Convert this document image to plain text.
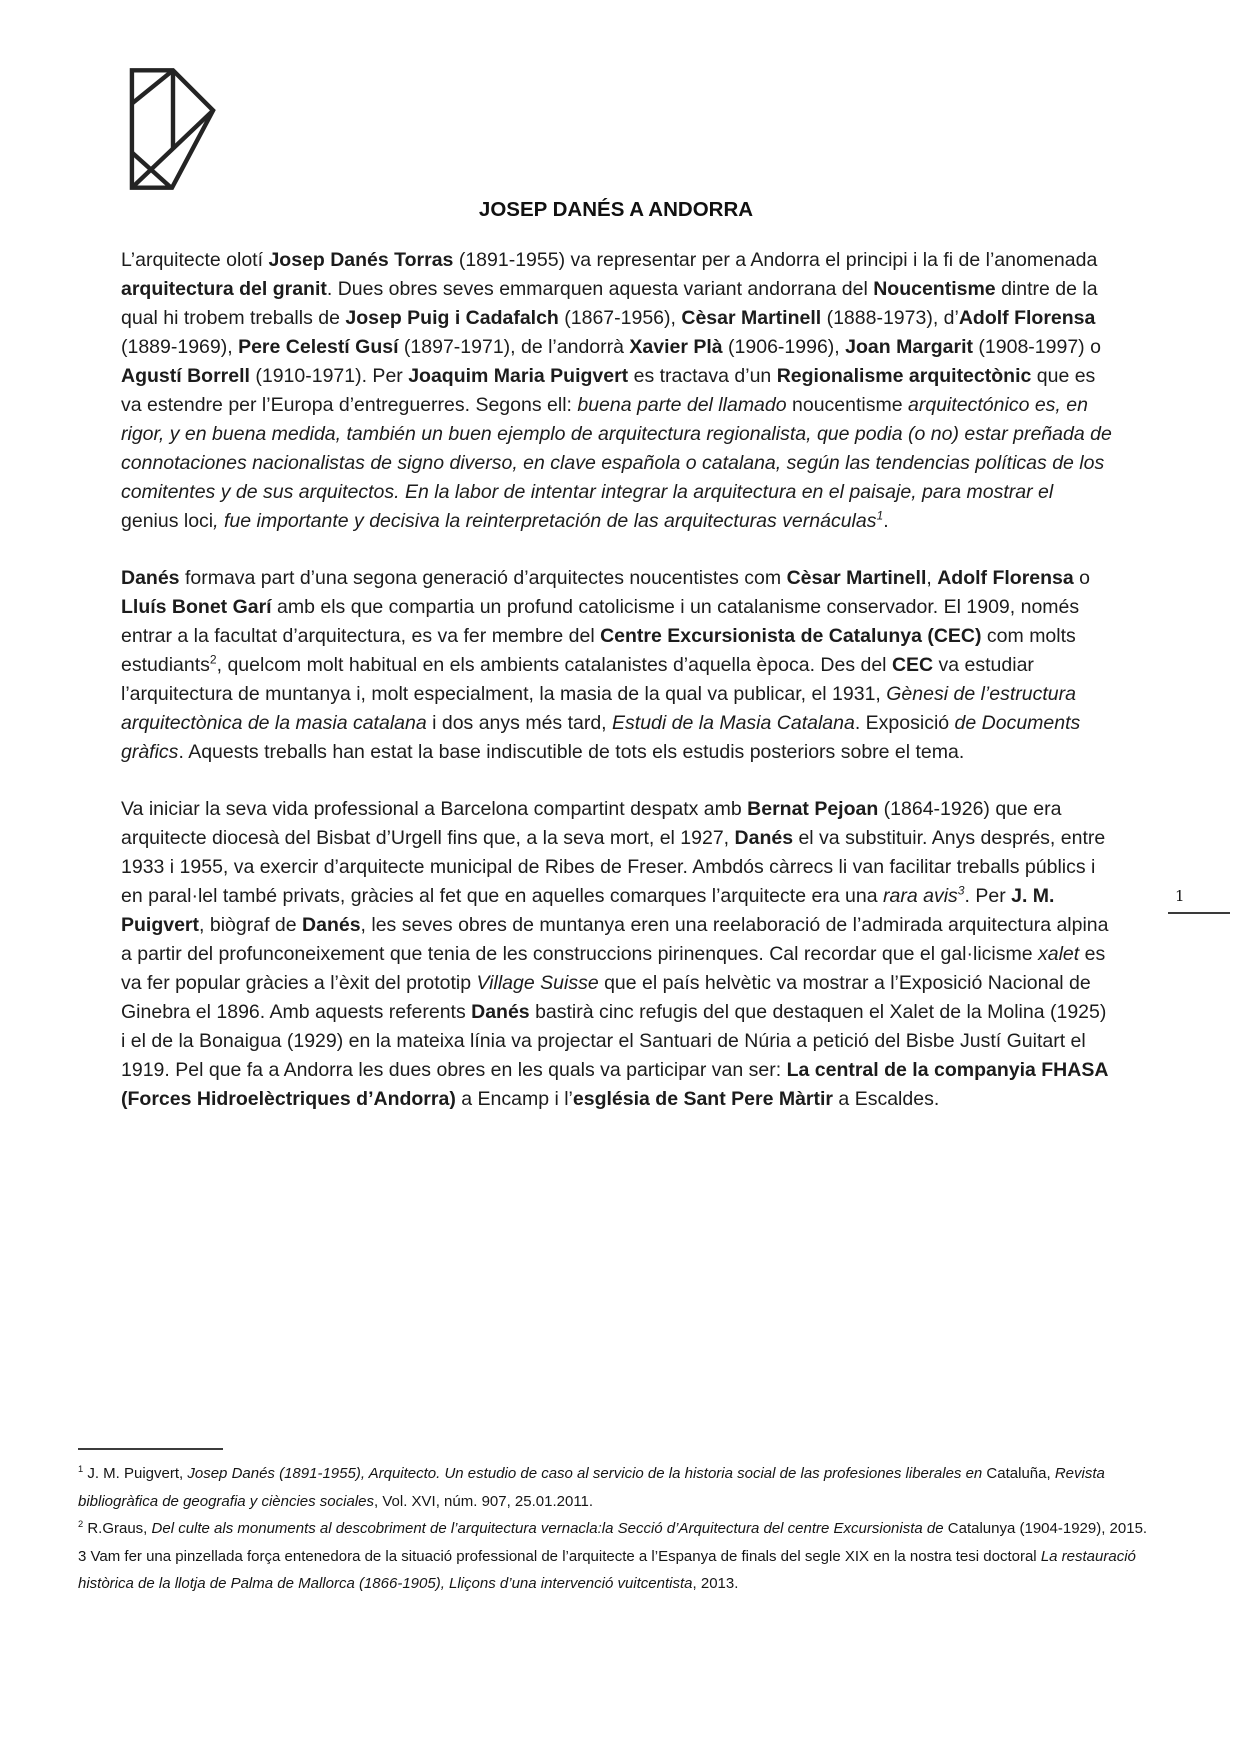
JOSEP DANÉS A ANDORRA

L’arquitecte olotí Josep Danés Torras (1891-1955) va representar per a Andorra el principi i la fi de l’anomenada arquitectura del granit. Dues obres seves emmarquen aquesta variant andorrana del Noucentisme dintre de la qual hi trobem treballs de Josep Puig i Cadafalch (1867-1956), Cèsar Martinell (1888-1973), d’Adolf Florensa (1889-1969), Pere Celestí Gusí (1897-1971), de l’andorrà Xavier Plà (1906-1996), Joan Margarit (1908-1997) o Agustí Borrell (1910-1971). Per Joaquim Maria Puigvert es tractava d’un Regionalisme arquitectònic que es va estendre per l’Europa d’entreguerres. Segons ell: buena parte del llamado noucentisme arquitectónico es, en rigor, y en buena medida, también un buen ejemplo de arquitectura regionalista, que podia (o no) estar preñada de connotaciones nacionalistas de signo diverso, en clave española o catalana, según las tendencias políticas de los comitentes y de sus arquitectos. En la labor de intentar integrar la arquitectura en el paisaje, para mostrar el genius loci, fue importante y decisiva la reinterpretación de las arquitecturas vernáculas$^1$.

Danés formava part d’una segona generació d’arquitectes noucentistes com Cèsar Martinell, Adolf Florensa o Lluís Bonet Garí amb els que compartia un profund catolicisme i un catalanisme conservador. El 1909, només entrar a la facultat d’arquitectura, es va fer membre del Centre Excursionista de Catalunya (CEC) com molts estudiants$^2$, quelcom molt habitual en els ambients catalanistes d’aquella època. Des del CEC va estudiar l’arquitectura de muntanya i, molt especialment, la masia de la qual va publicar, el 1931, Gènesi de l’estructura arquitectònica de la masia catalana i dos anys més tard, Estudi de la Masia Catalana. Exposició de Documents gràfics. Aquests treballs han estat la base indiscutible de tots els estudis posteriors sobre el tema.

Va iniciar la seva vida professional a Barcelona compartint despatx amb Bernat Pejoan (1864-1926) que era arquitecte diocesà del Bisbat d’Urgell fins que, a la seva mort, el 1927, Danés el va substituir. Anys després, entre 1933 i 1955, va exercir d’arquitecte municipal de Ribes de Freser. Ambdós càrrecs li van facilitar treballs públics i en paral·lel també privats, gràcies al fet que en aquelles comarques l’arquitecte era una rara avis$^3$. Per J. M. Puigvert, biògraf de Danés, les seves obres de muntanya eren una reelaboració de l’admirada arquitectura alpina a partir del profunconeixement que tenia de les construccions pirinenques. Cal recordar que el gal·licisme xalet es va fer popular gràcies a l’èxit del prototip Village Suisse que el país helvètic va mostrar a l’Exposició Nacional de Ginebra el 1896. Amb aquests referents Danés bastirà cinc refugis del que destaquen el Xalet de la Molina (1925) i el de la Bonaigua (1929) en la mateixa línia va projectar el Santuari de Núria a petició del Bisbe Justí Guitart el 1919. Pel que fa a Andorra les dues obres en les quals va participar van ser: La central de la companyia FHASA (Forces Hidroelèctriques d’Andorra) a Encamp i l’església de Sant Pere Màrtir a Escaldes.

1

$^1$ J. M. Puigvert, Josep Danés (1891-1955), Arquitecto. Un estudio de caso al servicio de la historia social de las profesiones liberales en Cataluña, Revista bibliogràfica de geografia y ciències sociales, Vol. XVI, núm. 907, 25.01.2011.

$^2$ R.Graus, Del culte als monuments al descobriment de l’arquitectura vernacla:la Secció d’Arquitectura del centre Excursionista de Catalunya (1904-1929), 2015.

3 Vam fer una pinzellada força entenedora de la situació professional de l’arquitecte a l’Espanya de finals del segle XIX en la nostra tesi doctoral La restauració històrica de la llotja de Palma de Mallorca (1866-1905), Lliçons d’una intervenció vuitcentista, 2013.
